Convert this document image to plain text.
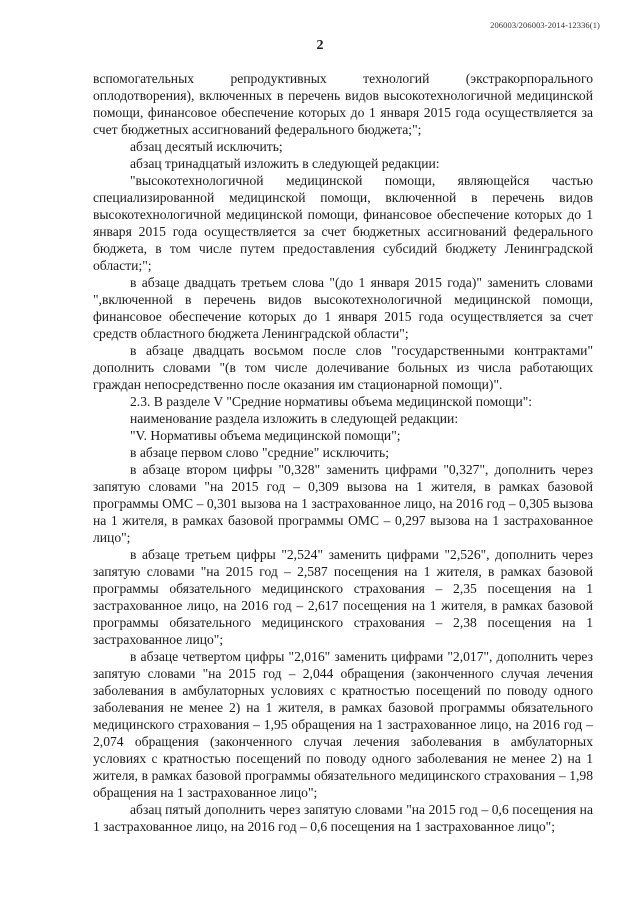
206003/206003-2014-12336(1)
2

вспомогательных репродуктивных технологий (экстракорпорального оплодотворения), включенных в перечень видов высокотехнологичной медицинской помощи, финансовое обеспечение которых до 1 января 2015 года осуществляется за счет бюджетных ассигнований федерального бюджета;";

абзац десятый исключить;

абзац тринадцатый изложить в следующей редакции:

"высокотехнологичной медицинской помощи, являющейся частью специализированной медицинской помощи, включенной в перечень видов высокотехнологичной медицинской помощи, финансовое обеспечение которых до 1 января 2015 года осуществляется за счет бюджетных ассигнований федерального бюджета, в том числе путем предоставления субсидий бюджету Ленинградской области;";

в абзаце двадцать третьем слова "(до 1 января 2015 года)" заменить словами ",включенной в перечень видов высокотехнологичной медицинской помощи, финансовое обеспечение которых до 1 января 2015 года осуществляется за счет средств областного бюджета Ленинградской области";

в абзаце двадцать восьмом после слов "государственными контрактами" дополнить словами "(в том числе долечивание больных из числа работающих граждан непосредственно после оказания им стационарной помощи)".

2.3. В разделе V "Средние нормативы объема медицинской помощи":

наименование раздела изложить в следующей редакции:

"V. Нормативы объема медицинской помощи";

в абзаце первом слово "средние" исключить;

в абзаце втором цифры "0,328" заменить цифрами "0,327", дополнить через запятую словами "на 2015 год – 0,309 вызова на 1 жителя, в рамках базовой программы ОМС – 0,301 вызова на 1 застрахованное лицо, на 2016 год – 0,305 вызова на 1 жителя, в рамках базовой программы ОМС – 0,297 вызова на 1 застрахованное лицо";

в абзаце третьем цифры "2,524" заменить цифрами "2,526", дополнить через запятую словами "на 2015 год – 2,587 посещения на 1 жителя, в рамках базовой программы обязательного медицинского страхования – 2,35 посещения на 1 застрахованное лицо, на 2016 год – 2,617 посещения на 1 жителя, в рамках базовой программы обязательного медицинского страхования – 2,38 посещения на 1 застрахованное лицо";

в абзаце четвертом цифры "2,016" заменить цифрами "2,017", дополнить через запятую словами "на 2015 год – 2,044 обращения (законченного случая лечения заболевания в амбулаторных условиях с кратностью посещений по поводу одного заболевания не менее 2) на 1 жителя, в рамках базовой программы обязательного медицинского страхования – 1,95 обращения на 1 застрахованное лицо, на 2016 год – 2,074 обращения (законченного случая лечения заболевания в амбулаторных условиях с кратностью посещений по поводу одного заболевания не менее 2) на 1 жителя, в рамках базовой программы обязательного медицинского страхования – 1,98 обращения на 1 застрахованное лицо";

абзац пятый дополнить через запятую словами "на 2015 год – 0,6 посещения на 1 застрахованное лицо, на 2016 год – 0,6 посещения на 1 застрахованное лицо";
